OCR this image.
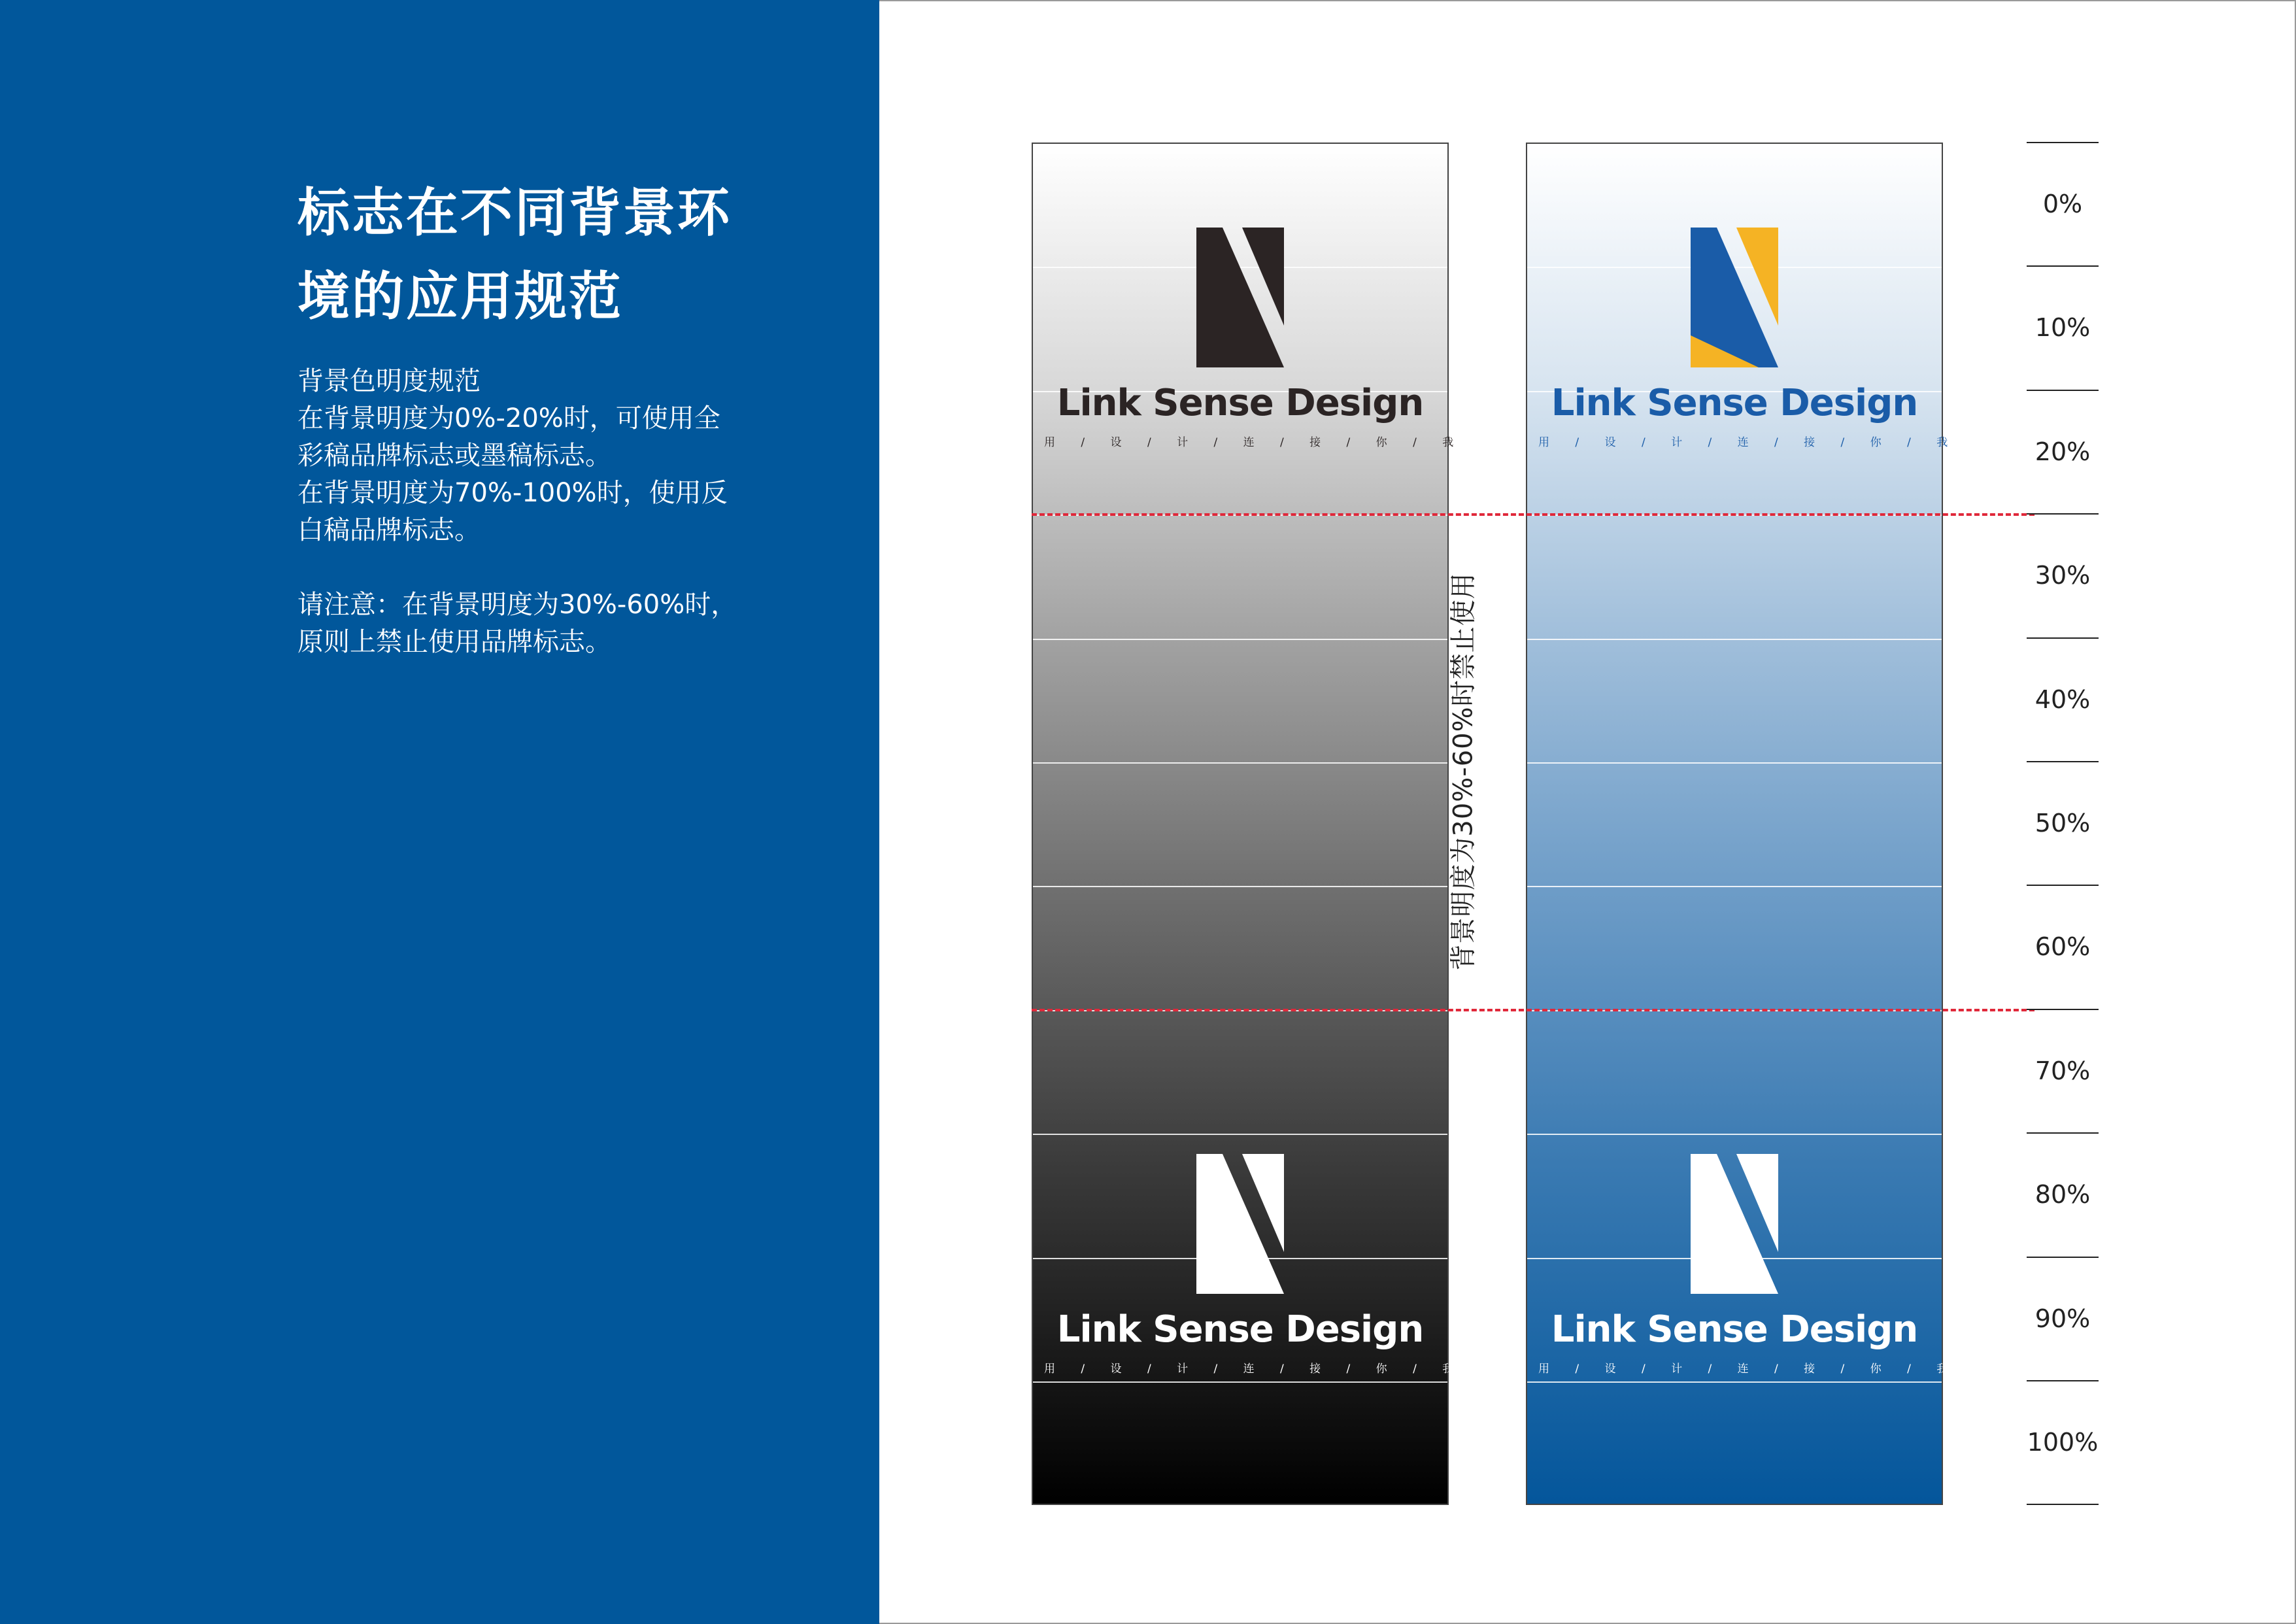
标志在不同背景环
境的应用规范
背景色明度规范
在背景明度为0%-20%时，可使用全
彩稿品牌标志或墨稿标志。
在背景明度为70%-100%时，使用反
白稿品牌标志。
请注意：在背景明度为30%-60%时，
原则上禁止使用品牌标志。
Link Sense Design
用 / 设 / 计 / 连 / 接 / 你 / 我
Link Sense Design
用 / 设 / 计 / 连 / 接 / 你 / 我
Link Sense Design
用 / 设 / 计 / 连 / 接 / 你 / 我
Link Sense Design
用 / 设 / 计 / 连 / 接 / 你 / 我
背景明度为30%-60%时禁止使用
0%
10%
20%
30%
40%
50%
60%
70%
80%
90%
100%
